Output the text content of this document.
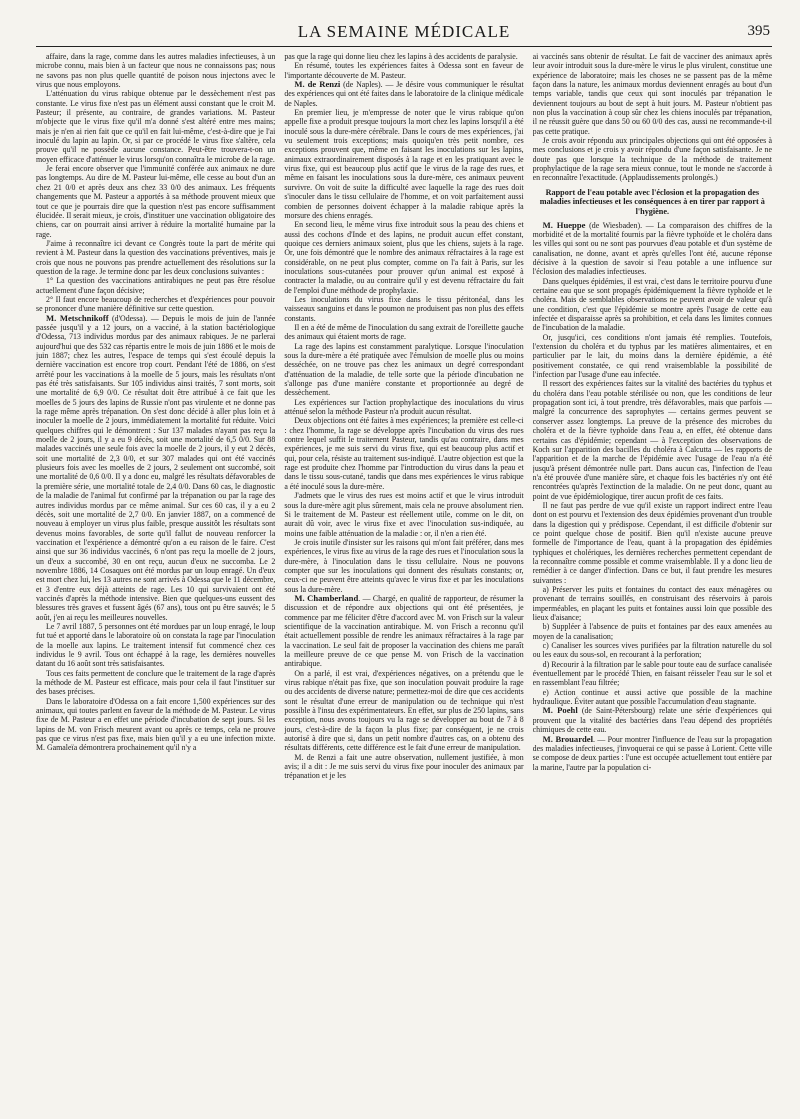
LA SEMAINE MÉDICALE	395

affaire, dans la rage, comme dans les autres maladies infectieuses, à un microbe connu, mais bien à un facteur que nous ne connaissons pas; nous ne savons pas non plus quelle quantité de poison nous injectons avec le virus que nous employons.

L'atténuation du virus rabique obtenue par le dessèchement n'est pas constante. Le virus fixe n'est pas un élément aussi constant que le croit M. Pasteur; il présente, au contraire, de grandes variations. M. Pasteur m'objecte que le virus fixe qu'il m'a donné s'est altéré entre mes mains; mais je n'en ai rien fait que ce qu'il en fait lui-même, c'est-à-dire que je l'ai inoculé du lapin au lapin. Or, si par ce procédé le virus fixe s'altère, cela prouve qu'il ne possède aucune constance. Peut-être trouvera-t-on un moyen efficace d'atténuer le virus lorsqu'on connaîtra le microbe de la rage.

Je ferai encore observer que l'immunité conférée aux animaux ne dure pas longtemps. Au dire de M. Pasteur lui-même, elle cesse au bout d'un an chez 21 0/0 et après deux ans chez 33 0/0 des animaux. Les fréquents changements que M. Pasteur a apportés à sa méthode prouvent mieux que tout ce que je pourrais dire que la question n'est pas encore suffisamment élucidée. Il serait mieux, je crois, d'instituer une vaccination obligatoire des chiens, car on pourrait ainsi arriver à réduire la mortalité humaine par la rage.

J'aime à reconnaître ici devant ce Congrès toute la part de mérite qui revient à M. Pasteur dans la question des vaccinations préventives, mais je crois que nous ne pouvons pas prendre actuellement des résolutions sur la question de la rage. Je termine donc par les deux conclusions suivantes :

1° La question des vaccinations antirabiques ne peut pas être résolue actuellement d'une façon décisive;

2° Il faut encore beaucoup de recherches et d'expériences pour pouvoir se prononcer d'une manière définitive sur cette question.

M. Metschnikoff (d'Odessa). — Depuis le mois de juin de l'année passée jusqu'il y a 12 jours, on a vacciné, à la station bactériologique d'Odessa, 713 individus mordus par des animaux rabiques. Je ne parlerai aujourd'hui que des 532 cas répartis entre le mois de juin 1886 et le mois de juin 1887; chez les autres, l'espace de temps qui s'est écoulé depuis la dernière vaccination est encore trop court. Pendant l'été de 1886, on s'est arrêté pour les vaccinations à la moelle de 5 jours, mais les résultats n'ont pas été très satisfaisants. Sur 105 individus ainsi traités, 7 sont morts, soit une mortalité de 6,9 0/0. Ce résultat doit être attribué à ce fait que les moelles de 5 jours des lapins de Russie n'ont pas virulente et ne donne pas la rage même après trépanation. On s'est donc décidé à aller plus loin et à inoculer la moelle de 2 jours, immédiatement la mortalité fut réduite. Voici quelques chiffres qui le démontrent : Sur 137 malades n'ayant pas reçu la moelle de 2 jours, il y a eu 9 décès, soit une mortalité de 6,5 0/0. Sur 88 malades vaccinés une seule fois avec la moelle de 2 jours, il y eut 2 décès, soit une mortalité de 2,3 0/0, et sur 307 malades qui ont été vaccinés plusieurs fois avec les moelles de 2 jours, 2 seulement ont succombé, soit une mortalité de 0,6 0/0. Il y a donc eu, malgré les résultats défavorables de la première série, une mortalité totale de 2,4 0/0. Dans 60 cas, le diagnostic de la maladie de l'animal fut confirmé par la trépanation ou par la rage des autres individus mordus par ce même animal. Sur ces 60 cas, il y a eu 2 décès, soit une mortalité de 2,7 0/0. En janvier 1887, on a commencé de nouveau à employer un virus plus faible, presque aussitôt les résultats sont devenus moins favorables, de sorte qu'il fallut de nouveau renforcer la vaccination et l'expérience a démontré qu'on a eu raison de le faire. C'est ainsi que sur 36 individus vaccinés, 6 n'ont pas reçu la moelle de 2 jours, un d'eux a succombé, 30 en ont reçu, aucun d'eux ne succomba. Le 2 novembre 1886, 14 Cosaques ont été mordus par un loup enragé. Un d'eux est mort chez lui, les 13 autres ne sont arrivés à Odessa que le 11 décembre, et 3 d'entre eux déjà atteints de rage. Les 10 qui survivaient ont été vaccinés d'après la méthode intensive. Bien que quelques-uns eussent des blessures très graves et fussent âgés (67 ans), tous ont pu être sauvés; le 5 août, j'en ai reçu les meilleures nouvelles.

Le 7 avril 1887, 5 personnes ont été mordues par un loup enragé, le loup fut tué et apporté dans le laboratoire où on constata la rage par l'inoculation de la moelle aux lapins. Le traitement intensif fut commencé chez ces individus le 9 avril. Tous ont échappé à la rage, les dernières nouvelles datant du 16 août sont très satisfaisantes.

Tous ces faits permettent de conclure que le traitement de la rage d'après la méthode de M. Pasteur est efficace, mais pour cela il faut l'instituer sur des bases précises.

Dans le laboratoire d'Odessa on a fait encore 1,500 expériences sur des animaux, qui toutes parlent en faveur de la méthode de M. Pasteur. Le virus fixe de M. Pasteur a en effet une période d'incubation de sept jours. Si les lapins de M. von Frisch meurent avant ou après ce temps, cela ne prouve pas que ce virus n'est pas fixe, mais bien qu'il y a eu une infection mixte. M. Gamaleïa démontrera prochainement qu'il n'y a

pas que la rage qui donne lieu chez les lapins à des accidents de paralysie.

En résumé, toutes les expériences faites à Odessa sont en faveur de l'importante découverte de M. Pasteur.

M. de Renzi (de Naples). — Je désire vous communiquer le résultat des expériences qui ont été faites dans le laboratoire de la clinique médicale de Naples.

En premier lieu, je m'empresse de noter que le virus rabique qu'on appelle fixe a produit presque toujours la mort chez les lapins lorsqu'il a été inoculé sous la dure-mère cérébrale. Dans le cours de mes expériences, j'ai vu seulement trois exceptions; mais quoiqu'en très petit nombre, ces exceptions prouvent que, même en faisant les inoculations sur les lapins, animaux extraordinairement disposés à la rage et en les pratiquant avec le virus fixe, qui est beaucoup plus actif que le virus de la rage des rues, et même en faisant les inoculations sous la dure-mère, ces animaux peuvent survivre. On voit de suite la difficulté avec laquelle la rage des rues doit s'inoculer dans le tissu cellulaire de l'homme, et on voit parfaitement aussi combien de personnes doivent échapper à la maladie rabique après la morsure des chiens enragés.

En second lieu, le même virus fixe introduit sous la peau des chiens et aussi des cochons d'Inde et des lapins, ne produit aucun effet constant, quoique ces derniers animaux soient, plus que les chiens, sujets à la rage. Or, une fois démontré que le nombre des animaux réfractaires à la rage est considérable, on ne peut plus compter, comme on l'a fait à Paris, sur les inoculations sous-cutanées pour prouver qu'un animal est exposé à contracter la maladie, ou au contraire qu'il y est devenu réfractaire du fait de l'emploi d'une méthode de prophylaxie.

Les inoculations du virus fixe dans le tissu péritonéal, dans les vaisseaux sanguins et dans le poumon ne produisent pas non plus des effets constants.

Il en a été de même de l'inoculation du sang extrait de l'oreillette gauche des animaux qui étaient morts de rage.

La rage des lapins est constamment paralytique. Lorsque l'inoculation sous la dure-mère a été pratiquée avec l'émulsion de moelle plus ou moins desséchée, on ne trouve pas chez les animaux un degré correspondant d'atténuation de la maladie, de telle sorte que la période d'incubation ne s'allonge pas d'une manière constante et proportionnée au degré de dessèchement.

Les expériences sur l'action prophylactique des inoculations du virus atténué selon la méthode Pasteur n'a produit aucun résultat.

Deux objections ont été faites à mes expériences; la première est celle-ci : chez l'homme, la rage se développe après l'incubation du virus des rues contre lequel suffit le traitement Pasteur, tandis qu'au contraire, dans mes expériences, je me suis servi du virus fixe, qui est beaucoup plus actif et qui, pour cela, résiste au traitement sus-indiqué. L'autre objection est que la rage est produite chez l'homme par l'introduction du virus dans la peau et dans le tissu sous-cutané, tandis que dans mes expériences le virus rabique a été inoculé sous la dure-mère.

J'admets que le virus des rues est moins actif et que le virus introduit sous la dure-mère agit plus sûrement, mais cela ne prouve absolument rien. Si le traitement de M. Pasteur est réellement utile, comme on le dit, on aurait dû voir, avec le virus fixe et avec l'inoculation sus-indiquée, au moins une faible atténuation de la maladie : or, il n'en a rien été.

Je crois inutile d'insister sur les raisons qui m'ont fait préférer, dans mes expériences, le virus fixe au virus de la rage des rues et l'inoculation sous la dure-mère, à l'inoculation dans le tissu cellulaire. Nous ne pouvons compter que sur les inoculations qui donnent des résultats constants; or, ceux-ci ne peuvent être atteints qu'avec le virus fixe et par les inoculations sous la dure-mère.

M. Chamberland. — Chargé, en qualité de rapporteur, de résumer la discussion et de répondre aux objections qui ont été présentées, je commence par me féliciter d'être d'accord avec M. von Frisch sur la valeur scientifique de la vaccination antirabique. M. von Frisch a reconnu qu'il était actuellement possible de rendre les animaux réfractaires à la rage par la vaccination. Le seul fait de proposer la vaccination des chiens me paraît la meilleure preuve de ce que pense M. von Frisch de la vaccination antirabique.

On a parlé, il est vrai, d'expériences négatives, on a prétendu que le virus rabique n'était pas fixe, que son inoculation pouvait produire la rage ou des accidents de diverse nature; permettez-moi de dire que ces accidents sont le résultat d'une erreur de manipulation ou de technique qui n'est possible à l'insu des expérimentateurs. En effet, sur plus de 250 lapins, sans exception, nous avons toujours vu la rage se développer au bout de 7 à 8 jours, c'est-à-dire de la façon la plus fixe; par conséquent, je ne crois autorisé à dire que si, dans un petit nombre d'autres cas, on a obtenu des résultats différents, cette différence est le fait d'une erreur de manipulation.

M. de Renzi a fait une autre observation, nullement justifiée, à mon avis; il a dit : Je me suis servi du virus fixe pour inoculer des animaux par trépanation et je les

ai vaccinés sans obtenir de résultat. Le fait de vacciner des animaux après leur avoir introduit sous la dure-mère le virus le plus virulent, constitue une expérience de laboratoire; mais les choses ne se passent pas de la même façon dans la nature, les animaux mordus deviennent enragés au bout d'un temps variable, tandis que ceux qui sont inoculés par trépanation le deviennent toujours au bout de sept à huit jours. M. Pasteur n'obtient pas non plus la vaccination à coup sûr chez les chiens inoculés par trépanation, il ne réussit guère que dans 50 ou 60 0/0 des cas, aussi ne recommande-t-il pas cette pratique.

Je crois avoir répondu aux principales objections qui ont été opposées à mes conclusions et je crois y avoir répondu d'une façon satisfaisante. Je ne doute pas que lorsque la technique de la méthode de traitement prophylactique de la rage sera mieux connue, tout le monde ne s'accorde à en reconnaître l'exactitude. (Applaudissements prolongés.)

Rapport de l'eau potable avec l'éclosion et la propagation des maladies infectieuses et les conséquences à en tirer par rapport à l'hygiène.

M. Hueppe (de Wiesbaden). — La comparaison des chiffres de la morbidité et de la mortalité fournis par la fièvre typhoïde et le choléra dans les villes qui sont ou ne sont pas pourvues d'eau potable et d'un système de canalisation, ne donne, avant et après qu'elles l'ont été, aucune réponse décisive à la question de savoir si l'eau potable a une influence sur l'éclosion des maladies infectieuses.

Dans quelques épidémies, il est vrai, c'est dans le territoire pourvu d'une certaine eau que se sont propagés épidémiquement la fièvre typhoïde et le choléra. Mais de semblables observations ne peuvent avoir de valeur qu'à une condition, c'est que l'épidémie se montre après l'usage de cette eau infectée et disparaisse après sa prohibition, et cela dans les limites connues de l'incubation de la maladie.

Or, jusqu'ici, ces conditions n'ont jamais été remplies. Toutefois, l'extension du choléra et du typhus par les matières alimentaires, et en particulier par le lait, du moins dans la dernière épidémie, a été positivement constatée, ce qui rend vraisemblable la possibilité de l'infection par l'usage d'une eau infectée.

Il ressort des expériences faites sur la vitalité des bactéries du typhus et du choléra dans l'eau potable stérilisée ou non, que les conditions de leur propagation sont ici, à tout prendre, très défavorables, mais que parfois — malgré la concurrence des saprophytes — certains germes peuvent se conserver assez longtemps. La preuve de la présence des microbes du choléra et de la fièvre typhoïde dans l'eau a, en effet, été obtenue dans certains cas d'épidémie; cependant — à l'exception des observations de Koch sur l'apparition des bacilles du choléra à Calcutta — les rapports de l'apparition et de la marche de l'épidémie avec l'usage de l'eau n'a été jusqu'à présent démontrée nulle part. Dans aucun cas, l'infection de l'eau n'a été prouvée d'une manière sûre, et chaque fois les bactéries n'y ont été rencontrées qu'après l'extinction de la maladie. On ne peut donc, quant au point de vue épidémiologique, tirer aucun profit de ces faits.

Il ne faut pas perdre de vue qu'il existe un rapport indirect entre l'eau dont on est pourvu et l'extension des deux épidémies provenant d'un trouble dans la digestion qui y prédispose. Cependant, il est difficile d'obtenir sur ce point quelque chose de positif. Bien qu'il n'existe aucune preuve formelle de l'importance de l'eau, quant à la propagation des épidémies typhiques et cholériques, les dernières recherches permettent cependant de la reconnaître comme possible et comme vraisemblable. Il y a donc lieu de remédier à ce danger d'infection. Dans ce but, il faut prendre les mesures suivantes :

a) Préserver les puits et fontaines du contact des eaux ménagères ou provenant de terrains souillés, en construisant des réservoirs à parois imperméables, en plaçant les puits et fontaines aussi loin que possible des lieux d'aisance;

b) Suppléer à l'absence de puits et fontaines par des eaux amenées au moyen de la canalisation;

c) Canaliser les sources vives purifiées par la filtration naturelle du sol ou les eaux du sous-sol, en recourant à la perforation;

d) Recourir à la filtration par le sable pour toute eau de surface canalisée éventuellement par le procédé Thien, en faisant réisseler l'eau sur le sol et en rassemblant l'eau filtrée;

e) Action continue et aussi active que possible de la machine hydraulique. Éviter autant que possible l'accumulation d'eau stagnante.

M. Poehl (de Saint-Pétersbourg) relate une série d'expériences qui prouvent que la vitalité des bactéries dans l'eau dépend des propriétés chimiques de cette eau.

M. Brouardel. — Pour montrer l'influence de l'eau sur la propagation des maladies infectieuses, j'invoquerai ce qui se passe à Lorient. Cette ville se compose de deux parties : l'une est occupée actuellement tout entière par la marine, l'autre par la population ci-
